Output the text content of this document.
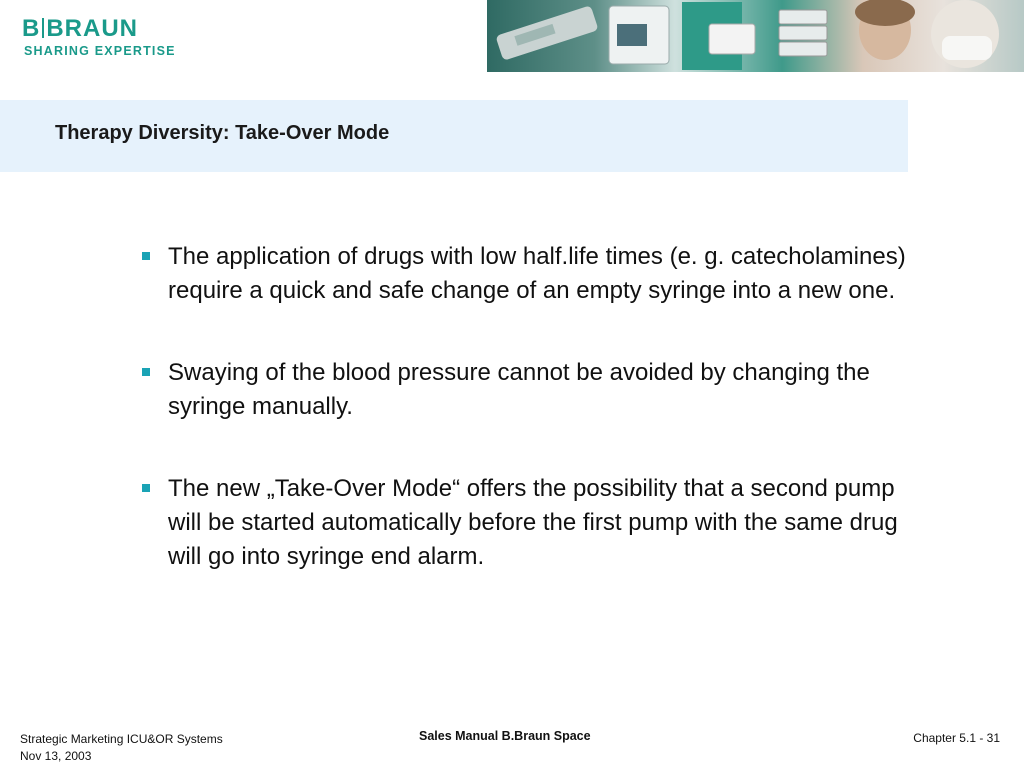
B BRAUN
SHARING EXPERTISE
Therapy Diversity: Take-Over Mode
The application of drugs with low half.life times (e. g. catecholamines) require a quick and safe change of an empty syringe into a new one.
Swaying of the blood pressure cannot be avoided by changing the syringe manually.
The new „Take-Over Mode“ offers the possibility that a second pump will be started automatically before the first pump with the same drug will go into syringe end alarm.
Strategic Marketing ICU&OR Systems
Nov 13, 2003
Sales Manual B.Braun Space	Chapter 5.1 - 31
